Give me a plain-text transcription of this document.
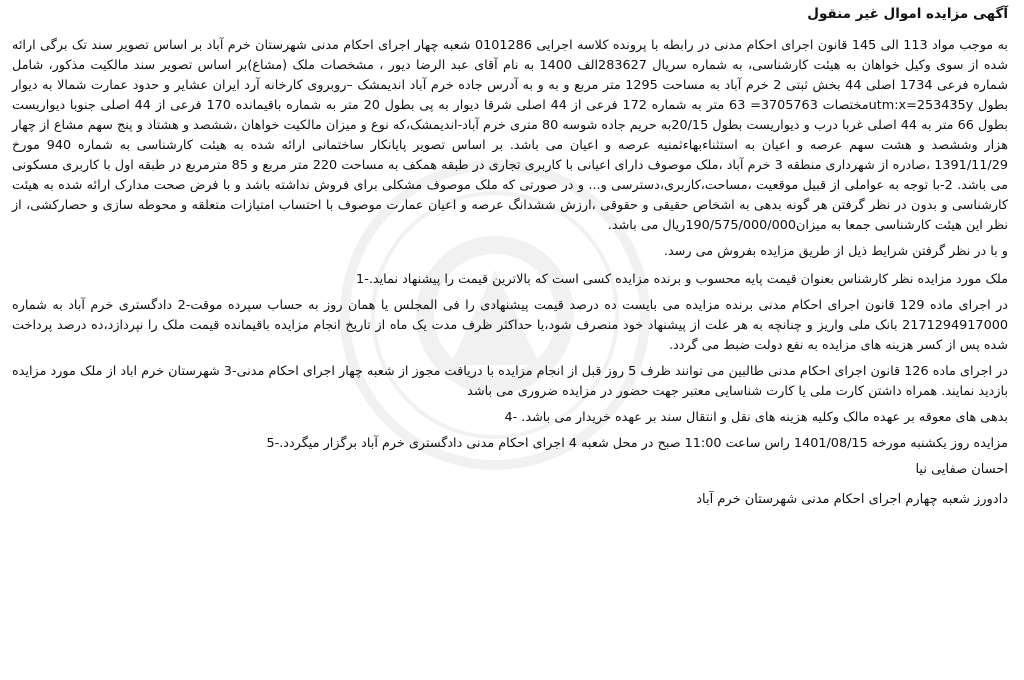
آگهی مزایده اموال غیر منقول
به موجب مواد 113 الی 145 قانون اجرای احکام مدنی در رابطه با پرونده کلاسه اجرایی 0101286 شعبه چهار اجرای احکام مدنی شهرستان خرم آباد بر اساس تصویر سند تک برگی ارائه شده از سوی وکیل خواهان به هیئت کارشناسی، به شماره سریال 283627الف 1400 به نام آقای عبد الرضا دیور ، مشخصات ملک (مشاع)بر اساس تصویر سند مالکیت مذکور، شامل شماره فرعی 1734 اصلی 44 بخش ثبتی 2 خرم آباد به مساحت 1295 متر مربع و به و به آدرس جاده خرم آباد اندیمشک –روبروی کارخانه آرد ایران عشایر و حدود عمارت شمالا به دیوار بطول utm:x=253435yمختصات 3705763= 63 متر به شماره 172 فرعی از 44 اصلی شرقا دیوار به پی بطول 20 متر به شماره باقیمانده 170 فرعی از 44 اصلی جنوبا دیواریست بطول 66 متر به 44 اصلی غربا درب و دیواریست بطول 20/15به حریم جاده شوسه 80 متری خرم آباد-اندیمشک،که نوع و میزان مالکیت خواهان ،ششصد و هشتاد و پنج سهم مشاع از چهار هزار وششصد و هشت سهم عرصه و اعیان به استثناءبهاءثمنیه عرصه و اعیان می باشد. بر اساس تصویر پایانکار ساختمانی ارائه شده به هیئت کارشناسی به شماره 940 مورخ 1391/11/29 ،صادره از شهرداری منطقه 3 خرم آباد ،ملک موصوف دارای اعیانی با کاربری تجاری در طبقه همکف به مساحت 220 متر مربع و 85 مترمربع در طبقه اول با کاربری مسکونی می باشد. 2-با توجه به عواملی از قبیل موقعیت ،مساحت،کاربری،دسترسی و... و در صورتی که ملک موصوف مشکلی برای فروش نداشته باشد و با فرض صحت مدارک ارائه شده به هیئت کارشناسی و بدون در نظر گرفتن هر گونه بدهی به اشخاص حقیقی و حقوقی ،ارزش ششدانگ عرصه و اعیان عمارت موصوف با احتساب امتیازات متعلقه و محوطه سازی و حصارکشی، از نظر این هیئت کارشناسی جمعا به میزان190/575/000/000ریال می باشد.
و با در نظر گرفتن شرایط ذیل از طریق مزایده بفروش می رسد.
ملک مورد مزایده نظر کارشناس بعنوان قیمت پایه محسوب و برنده مزایده کسی است که بالاترین قیمت را پیشنهاد نماید.-1
در اجرای ماده 129 قانون اجرای احکام مدنی برنده مزایده می بایست ده درصد قیمت پیشنهادی را فی المجلس یا همان روز به حساب سپرده موقت-2 دادگستری خرم آباد به شماره 2171294917000 بانک ملی واریز و چنانچه به هر علت از پیشنهاد خود منصرف شود،یا حداکثر ظرف مدت یک ماه از تاریخ انجام مزایده باقیمانده قیمت ملک را نپردازد،ده درصد پرداخت شده پس از کسر هزینه های مزایده به نفع دولت ضبط می گردد.
در اجرای ماده 126 قانون اجرای احکام مدنی طالبین می توانند ظرف 5 روز قبل از انجام مزایده با دریافت مجوز از شعبه چهار اجرای احکام مدنی-3 شهرستان خرم اباد از ملک مورد مزایده بازدید نمایند. همراه داشتن کارت ملی یا کارت شناسایی معتبر جهت حضور در مزایده ضروری می باشد
بدهی های معوقه بر عهده مالک وکلیه هزینه های نقل و انتقال سند بر عهده خریدار می باشد. -4
مزایده روز یکشنبه مورخه 1401/08/15 راس ساعت 11:00 صبح در محل شعبه 4 اجرای احکام مدنی دادگستری خرم آباد برگزار میگردد.-5
احسان صفایی نیا
دادورز شعبه چهارم اجرای احکام مدنی شهرستان خرم آباد
